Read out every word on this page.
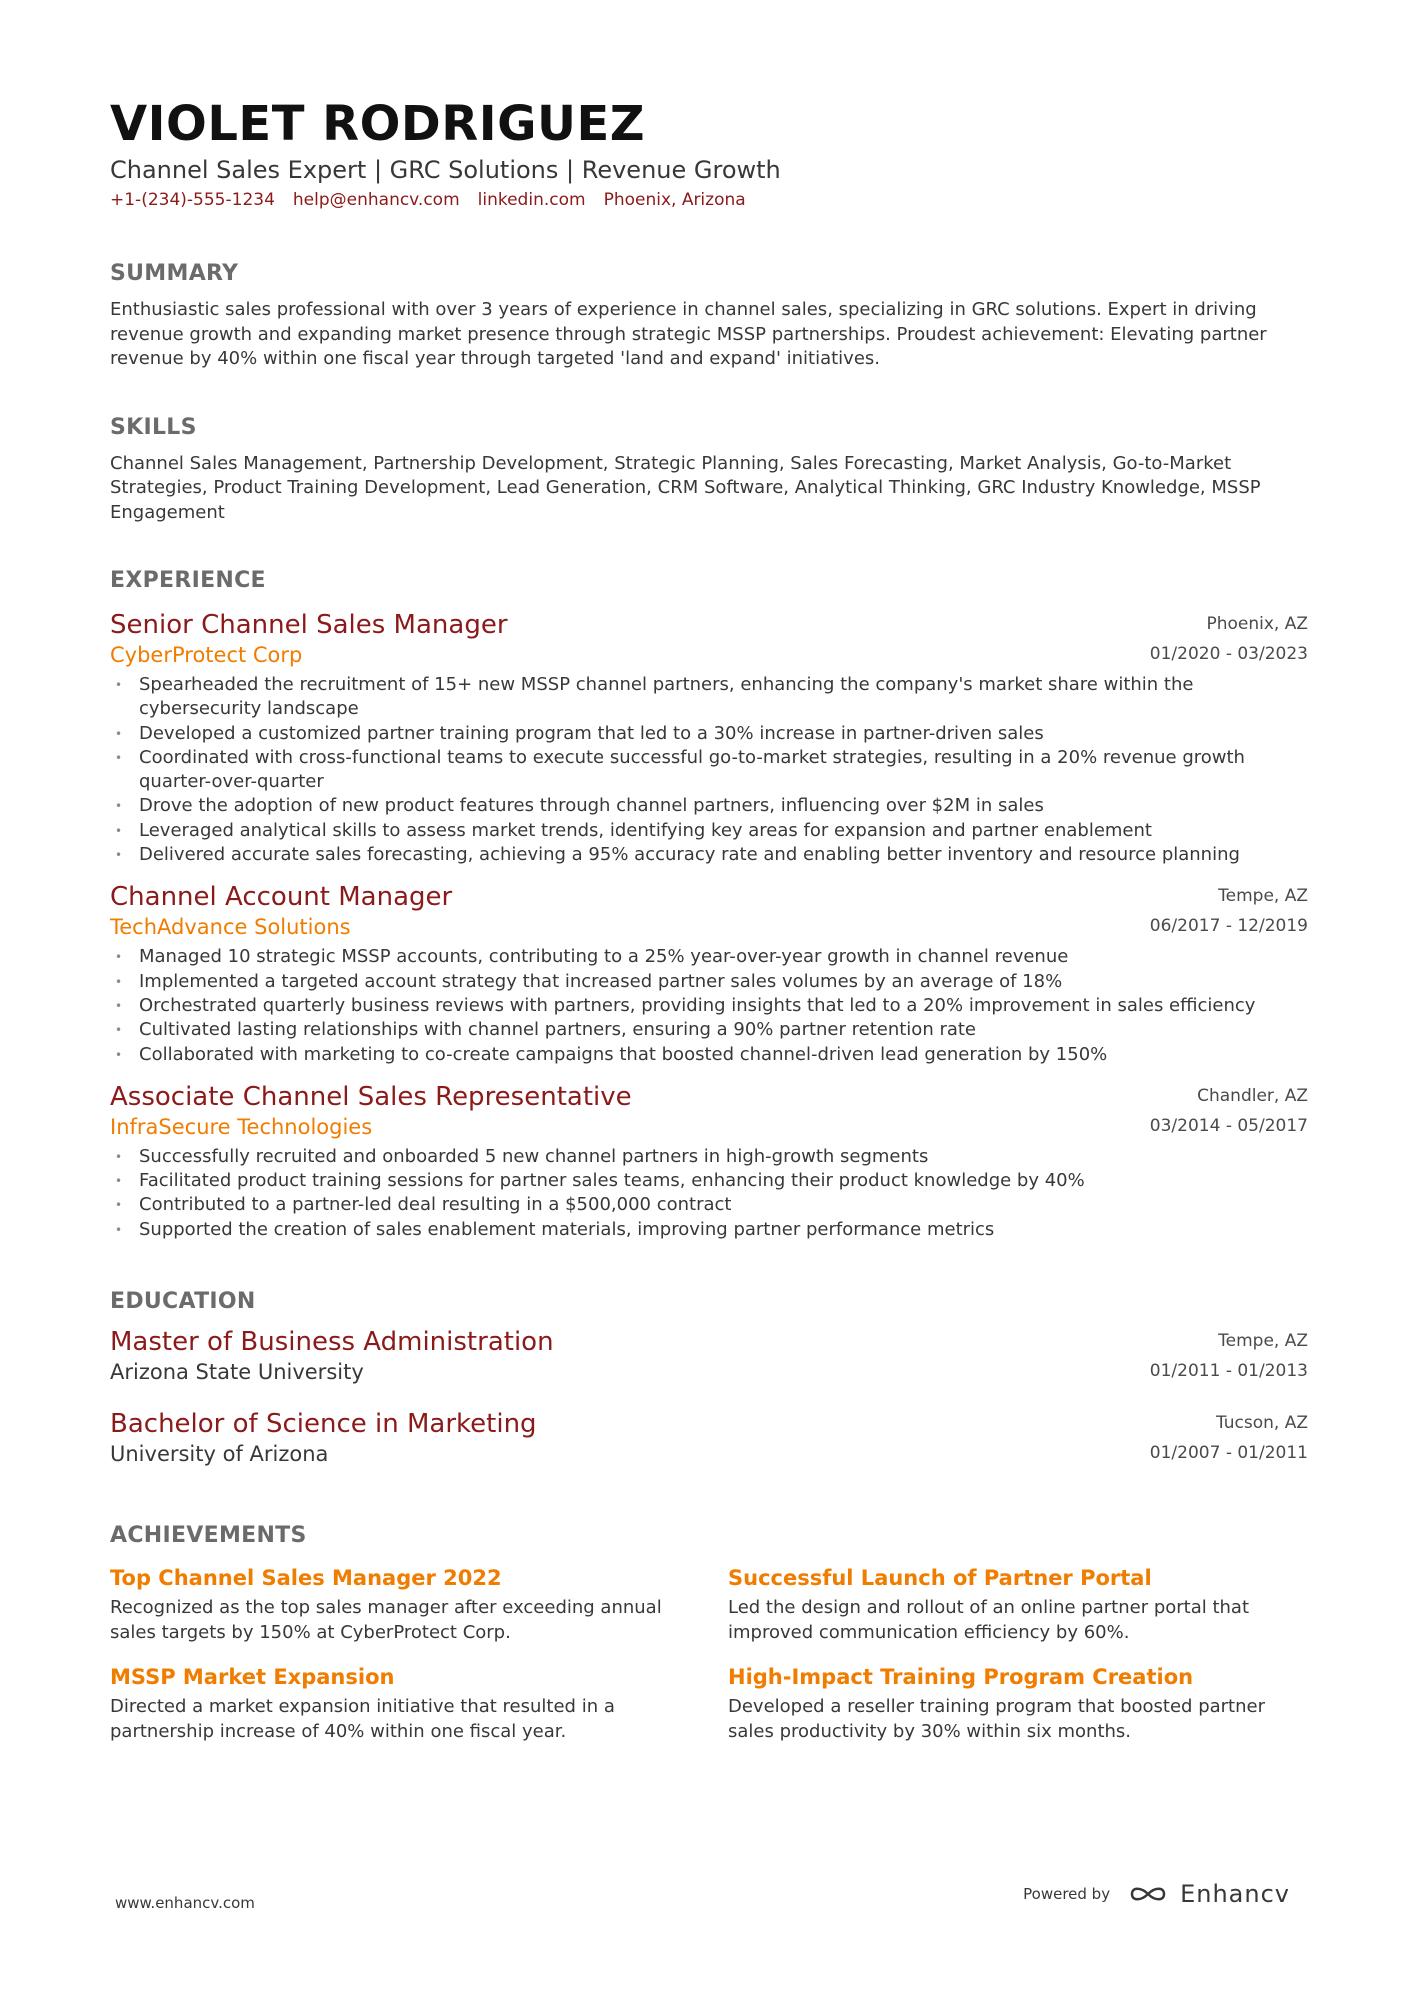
VIOLET RODRIGUEZ
Channel Sales Expert | GRC Solutions | Revenue Growth
+1-(234)-555-1234 help@enhancv.com linkedin.com Phoenix, Arizona
SUMMARY
Enthusiastic sales professional with over 3 years of experience in channel sales, specializing in GRC solutions. Expert in driving revenue growth and expanding market presence through strategic MSSP partnerships. Proudest achievement: Elevating partner revenue by 40% within one fiscal year through targeted 'land and expand' initiatives.
SKILLS
Channel Sales Management, Partnership Development, Strategic Planning, Sales Forecasting, Market Analysis, Go-to-Market Strategies, Product Training Development, Lead Generation, CRM Software, Analytical Thinking, GRC Industry Knowledge, MSSP Engagement
EXPERIENCE
Senior Channel Sales Manager
CyberProtect Corp
Phoenix, AZ
01/2020 - 03/2023
• Spearheaded the recruitment of 15+ new MSSP channel partners, enhancing the company's market share within the cybersecurity landscape
• Developed a customized partner training program that led to a 30% increase in partner-driven sales
• Coordinated with cross-functional teams to execute successful go-to-market strategies, resulting in a 20% revenue growth quarter-over-quarter
• Drove the adoption of new product features through channel partners, influencing over $2M in sales
• Leveraged analytical skills to assess market trends, identifying key areas for expansion and partner enablement
• Delivered accurate sales forecasting, achieving a 95% accuracy rate and enabling better inventory and resource planning
Channel Account Manager
TechAdvance Solutions
Tempe, AZ
06/2017 - 12/2019
• Managed 10 strategic MSSP accounts, contributing to a 25% year-over-year growth in channel revenue
• Implemented a targeted account strategy that increased partner sales volumes by an average of 18%
• Orchestrated quarterly business reviews with partners, providing insights that led to a 20% improvement in sales efficiency
• Cultivated lasting relationships with channel partners, ensuring a 90% partner retention rate
• Collaborated with marketing to co-create campaigns that boosted channel-driven lead generation by 150%
Associate Channel Sales Representative
InfraSecure Technologies
Chandler, AZ
03/2014 - 05/2017
• Successfully recruited and onboarded 5 new channel partners in high-growth segments
• Facilitated product training sessions for partner sales teams, enhancing their product knowledge by 40%
• Contributed to a partner-led deal resulting in a $500,000 contract
• Supported the creation of sales enablement materials, improving partner performance metrics
EDUCATION
Master of Business Administration
Arizona State University
Tempe, AZ
01/2011 - 01/2013
Bachelor of Science in Marketing
University of Arizona
Tucson, AZ
01/2007 - 01/2011
ACHIEVEMENTS
Top Channel Sales Manager 2022
Recognized as the top sales manager after exceeding annual sales targets by 150% at CyberProtect Corp.
Successful Launch of Partner Portal
Led the design and rollout of an online partner portal that improved communication efficiency by 60%.
MSSP Market Expansion
Directed a market expansion initiative that resulted in a partnership increase of 40% within one fiscal year.
High-Impact Training Program Creation
Developed a reseller training program that boosted partner sales productivity by 30% within six months.
www.enhancv.com	Powered by	Enhancv
